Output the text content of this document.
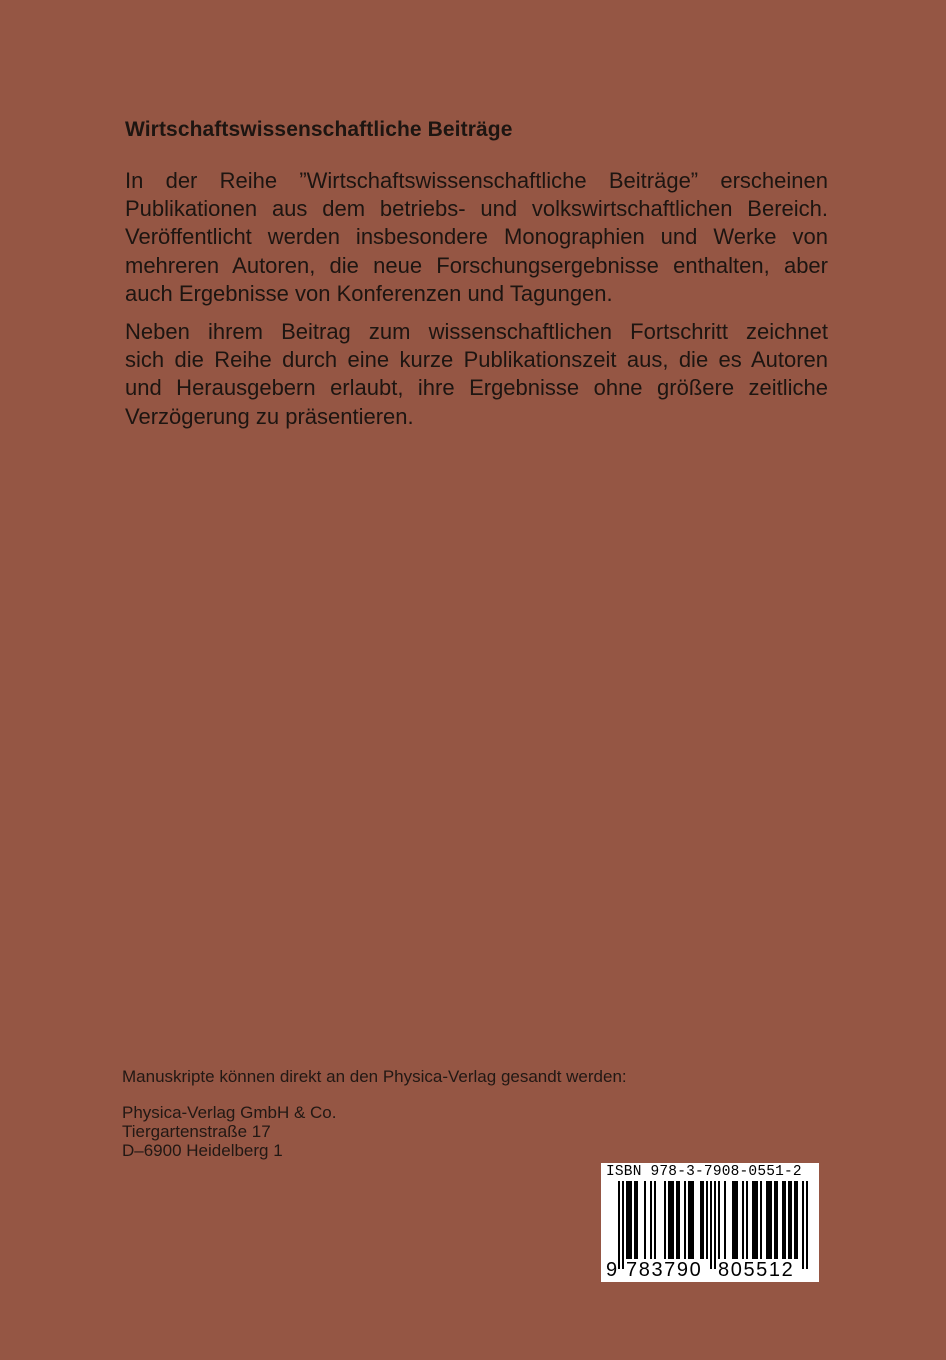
Wirtschaftswissenschaftliche Beiträge

In der Reihe ”Wirtschaftswissenschaftliche Beiträge” erscheinen
Publikationen aus dem betriebs- und volkswirtschaftlichen Bereich.
Veröffentlicht werden insbesondere Monographien und Werke von
mehreren Autoren, die neue Forschungsergebnisse enthalten, aber
auch Ergebnisse von Konferenzen und Tagungen.

Neben ihrem Beitrag zum wissenschaftlichen Fortschritt zeichnet
sich die Reihe durch eine kurze Publikationszeit aus, die es Autoren
und Herausgebern erlaubt, ihre Ergebnisse ohne größere zeitliche
Verzögerung zu präsentieren.

Manuskripte können direkt an den Physica-Verlag gesandt werden:
Physica-Verlag GmbH & Co.
Tiergartenstraße 17
D–6900 Heidelberg 1
ISBN 978-3-7908-0551-2
9 783790 805512
